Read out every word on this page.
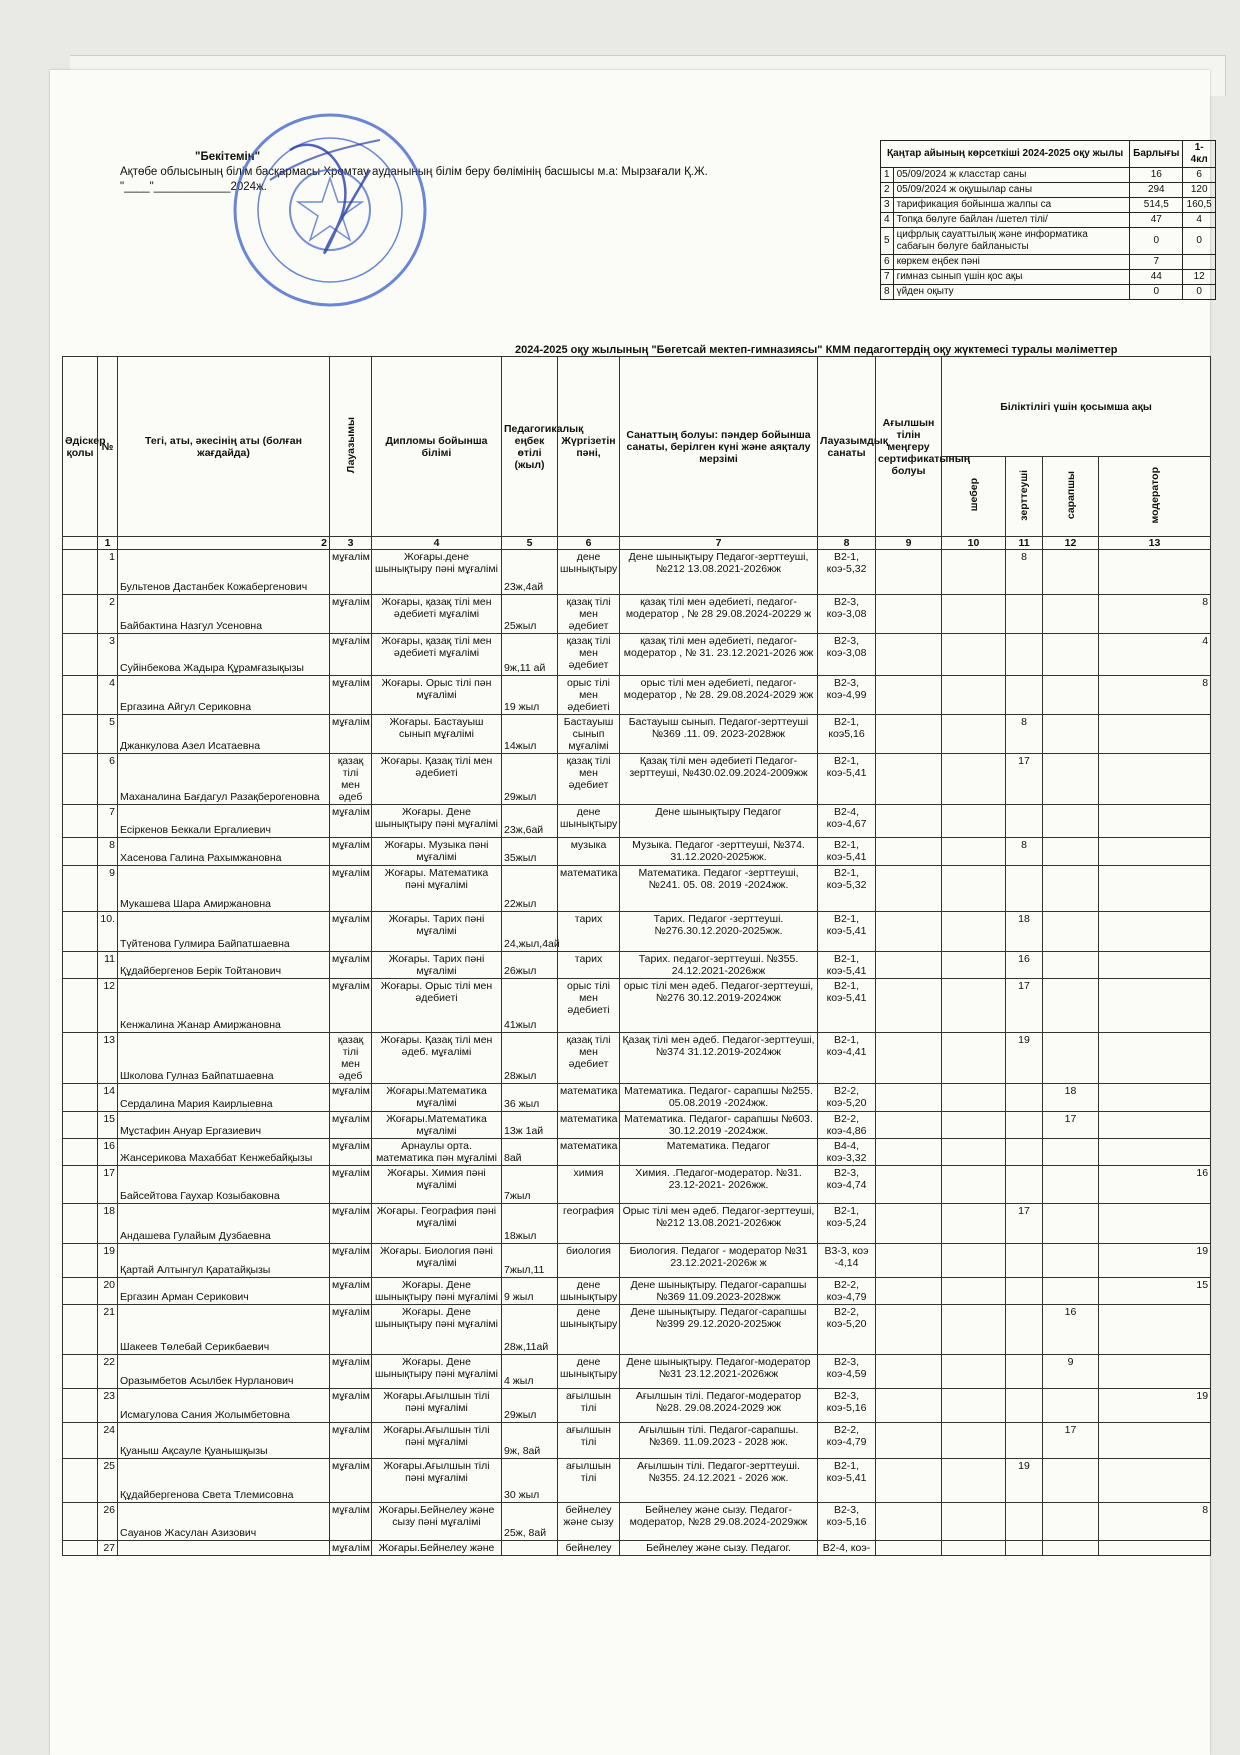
"Бекітемін"
Ақтөбе облысының білім басқармасы Хромтау ауданының білім беру бөлімінің басшысы м.а: Мырзағали Қ.Ж.
"____"____________2024ж.
Қаңтар айының көрсеткіші 2024-2025 оқу жылы		Барлығы	1-4кл
1	05/09/2024 ж класстар саны	16	6
2	05/09/2024 ж оқушылар саны	294	120
3	тарификация бойынша жалпы са	514,5	160,5
4	Топқа бөлуге байлан /шетел тілі/	47	4
5	цифрлық сауаттылық және информатика сабағын бөлуге байланысты	0	0
6	көркем еңбек пәні	7	
7	гимназ сынып үшін қос ақы	44	12
8	үйден оқыту	0	0
2024-2025 оқу жылының "Бөгетсай мектеп-гимназиясы" КММ педагогтердің оқу жүктемесі туралы мәліметтер
Әдіскер қолы	№	Тегі, аты, әкесінің аты (болған жағдайда)	Лауазымы	Дипломы бойынша білімі	Педагогикалық еңбек өтілі (жыл)	Жүргізетін пәні,	Санаттың болуы: пәндер бойынша санаты, берілген күні және аяқталу мерзімі	Лауазымдық санаты	Ағылшын тілін меңгеру сертификатының болуы	Біліктілігі үшін қосымша ақы			
										шебер	зерттеуші	сарапшы	модератор
	1	2	3	4	5	6	7	8	9	10	11	12	13
	1	Бультенов Дастанбек Кожабергенович	мұғалім	Жоғары.дене шынықтыру пәні мұғалімі	23ж,4ай	дене шынықтыру	Дене шынықтыру Педагог-зерттеуші, №212 13.08.2021-2026жж	B2-1, коэ-5,32			8		
	2	Байбактина Назгул Усеновна	мұғалім	Жоғары, қазақ тілі мен әдебиеті мұғалімі	25жыл	қазақ тілі мен әдебиет	қазақ тілі мен әдебиеті, педагог-модератор , № 28 29.08.2024-20229 ж	B2-3, коэ-3,08					8
	3	Суйінбекова Жадыра Құрамғазықызы	мұғалім	Жоғары, қазақ тілі мен әдебиеті мұғалімі	9ж,11 ай	қазақ тілі мен әдебиет	қазақ тілі мен әдебиеті, педагог-модератор , № 31. 23.12.2021-2026 жж	B2-3, коэ-3,08					4
	4	Ергазина Айгул Сериковна	мұғалім	Жоғары. Орыс тілі пән мұғалімі	19 жыл	орыс тілі мен әдебиеті	орыс тілі мен әдебиеті, педагог-модератор , № 28. 29.08.2024-2029 жж	B2-3, коэ-4,99					8
	5	Джанкулова Азел Исатаевна	мұғалім	Жоғары. Бастауыш сынып мұғалімі	14жыл	Бастауыш сынып мұғалімі	Бастауыш сынып. Педагог-зерттеуші №369 .11. 09. 2023-2028жж	B2-1, коэ5,16			8		
	6	Маханалина Бағдагул Разақберогеновна	қазақ тілі мен әдеб	Жоғары. Қазақ тілі мен әдебиеті	29жыл	қазақ тілі мен әдебиет	Қазақ тілі мен әдебиеті Педагог-зерттеуші, №430.02.09.2024-2009жж	B2-1, коэ-5,41			17		
	7	Есіркенов Беккали Ергалиевич	мұғалім	Жоғары. Дене шынықтыру пәні мұғалімі	23ж,6ай	дене шынықтыру	Дене шынықтыру Педагог	B2-4, коэ-4,67					
	8	Хасенова Галина Рахымжановна	мұғалім	Жоғары. Музыка пәні мұғалімі	35жыл	музыка	Музыка. Педагог -зерттеуші, №374. 31.12.2020-2025жж.	B2-1, коэ-5,41			8		
	9	Мукашева Шара Амиржановна	мұғалім	Жоғары. Математика пәні мұғалімі	22жыл	математика	Математика. Педагог -зерттеуші, №241. 05. 08. 2019 -2024жж.	B2-1, коэ-5,32					
	10.	Түйтенова Гулмира Байпатшаевна	мұғалім	Жоғары. Тарих пәні мұғалімі	24,жыл,4ай	тарих	Тарих. Педагог -зерттеуші.№276.30.12.2020-2025жж.	B2-1, коэ-5,41			18		
	11	Құдайбергенов Берік Тойтанович	мұғалім	Жоғары. Тарих пәні мұғалімі	26жыл	тарих	Тарих. педагог-зерттеуші. №355. 24.12.2021-2026жж	B2-1, коэ-5,41			16		
	12	Кенжалина Жанар Амиржановна	мұғалім	Жоғары. Орыс тілі мен әдебиеті	41жыл	орыс тілі мен әдебиеті	орыс тілі мен әдеб. Педагог-зерттеуші, №276 30.12.2019-2024жж	B2-1, коэ-5,41			17		
	13	Школова Гулназ Байпатшаевна	қазақ тілі мен әдеб	Жоғары. Қазақ тілі мен әдеб. мұғалімі	28жыл	қазақ тілі мен әдебиет	Қазақ тілі мен әдеб. Педагог-зерттеуші, №374 31.12.2019-2024жж	B2-1, коэ-4,41			19		
	14	Сердалина Мария Каирлыевна	мұғалім	Жоғары.Математика мұғалімі	36 жыл	математика	Математика. Педагог- сарапшы №255. 05.08.2019 -2024жж.	B2-2, коэ-5,20				18	
	15	Мұстафин Ануар Ергазиевич	мұғалім	Жоғары.Математика мұғалімі	13ж 1ай	математика	Математика. Педагог- сарапшы №603. 30.12.2019 -2024жж.	B2-2, коэ-4,86				17	
	16	Жансерикова Махаббат Кенжебайқызы	мұғалім	Арнаулы орта. математика пән мұғалімі	8ай	математика	Математика. Педагог	B4-4, коэ-3,32					
	17	Байсейтова Гаухар Козыбаковна	мұғалім	Жоғары. Химия пәні мұғалімі	7жыл	химия	Химия. .Педагог-модератор. №31. 23.12-2021- 2026жж.	B2-3, коэ-4,74					16
	18	Андашева Гулайым Дузбаевна	мұғалім	Жоғары. География пәні мұғалімі	18жыл	география	Орыс тілі мен әдеб. Педагог-зерттеуші, №212 13.08.2021-2026жж	B2-1, коэ-5,24			17		
	19	Қартай Алтынгул Қаратайқызы	мұғалім	Жоғары. Биология пәні мұғалімі	7жыл,11	биология	Биология. Педагог - модератор №31 23.12.2021-2026ж ж	B3-3, коэ -4,14					19
	20	Ергазин Арман Серикович	мұғалім	Жоғары. Дене шынықтыру пәні мұғалімі	9 жыл	дене шынықтыру	Дене шынықтыру. Педагог-сарапшы №369 11.09.2023-2028жж	B2-2, коэ-4,79					15
	21	Шакеев Төлебай Серикбаевич	мұғалім	Жоғары. Дене шынықтыру пәні мұғалімі	28ж,11ай	дене шынықтыру	Дене шынықтыру. Педагог-сарапшы №399 29.12.2020-2025жж	B2-2, коэ-5,20				16	
	22	Оразымбетов Асылбек Нурланович	мұғалім	Жоғары. Дене шынықтыру пәні мұғалімі	4 жыл	дене шынықтыру	Дене шынықтыру. Педагог-модератор №31 23.12.2021-2026жж	B2-3, коэ-4,59				9	
	23	Исмагулова Сания Жолымбетовна	мұғалім	Жоғары.Ағылшын тілі пәні мұғалімі	29жыл	ағылшын тілі	Ағылшын тілі. Педагог-модератор №28. 29.08.2024-2029 жж	B2-3, коэ-5,16					19
	24	Қуаныш Ақсауле Қуанышқызы	мұғалім	Жоғары.Ағылшын тілі пәні мұғалімі	9ж, 8ай	ағылшын тілі	Ағылшын тілі. Педагог-сарапшы. №369. 11.09.2023 - 2028 жж.	B2-2, коэ-4,79				17	
	25	Құдайбергенова Света Тлемисовна	мұғалім	Жоғары.Ағылшын тілі пәні мұғалімі	30 жыл	ағылшын тілі	Ағылшын тілі. Педагог-зерттеуші. №355. 24.12.2021 - 2026 жж.	B2-1, коэ-5,41			19		
	26	Сауанов Жасулан Азизович	мұғалім	Жоғары.Бейнелеу және сызу пәні мұғалімі	25ж, 8ай	бейнелеу және сызу	Бейнелеу және сызу. Педагог-модератор, №28 29.08.2024-2029жж	B2-3, коэ-5,16					8
	27		мұғалім	Жоғары.Бейнелеу және		бейнелеу	Бейнелеу және сызу. Педагог.	B2-4, коэ-					
